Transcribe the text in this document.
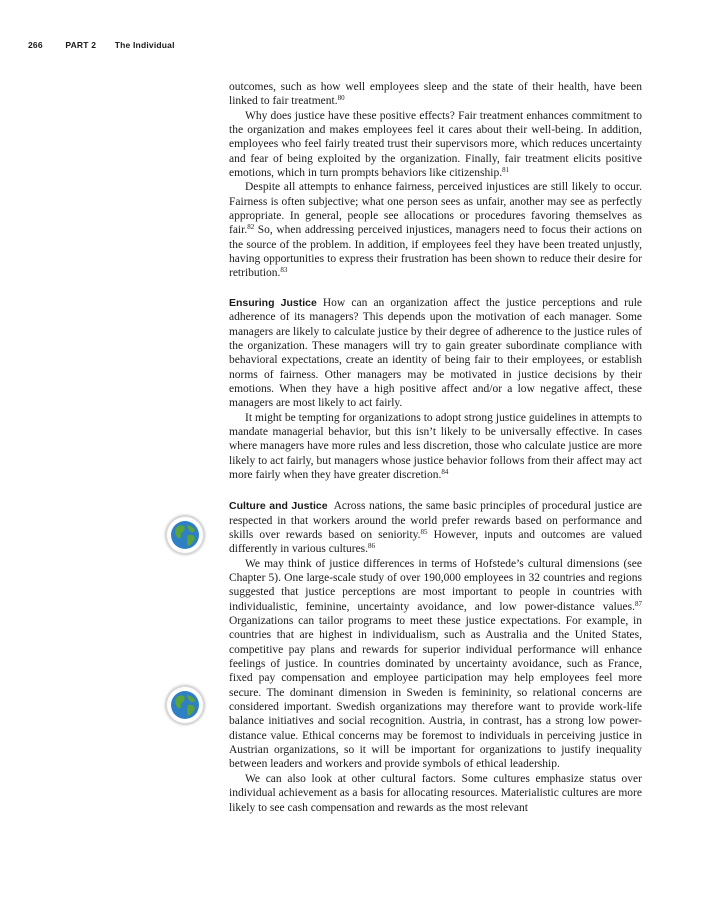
266	PART 2 The Individual

outcomes, such as how well employees sleep and the state of their health, have been linked to fair treatment.$^{80}$

Why does justice have these positive effects? Fair treatment enhances commitment to the organization and makes employees feel it cares about their well-being. In addition, employees who feel fairly treated trust their supervisors more, which reduces uncertainty and fear of being exploited by the organization. Finally, fair treatment elicits positive emotions, which in turn prompts behaviors like citizenship.$^{81}$

Despite all attempts to enhance fairness, perceived injustices are still likely to occur. Fairness is often subjective; what one person sees as unfair, another may see as perfectly appropriate. In general, people see allocations or procedures favoring themselves as fair.$^{82}$ So, when addressing perceived injustices, managers need to focus their actions on the source of the problem. In addition, if employees feel they have been treated unjustly, having opportunities to express their frustration has been shown to reduce their desire for retribution.$^{83}$

Ensuring Justice How can an organization affect the justice perceptions and rule adherence of its managers? This depends upon the motivation of each manager. Some managers are likely to calculate justice by their degree of adherence to the justice rules of the organization. These managers will try to gain greater subordinate compliance with behavioral expectations, create an identity of being fair to their employees, or establish norms of fairness. Other managers may be motivated in justice decisions by their emotions. When they have a high positive affect and/or a low negative affect, these managers are most likely to act fairly.

It might be tempting for organizations to adopt strong justice guidelines in attempts to mandate managerial behavior, but this isn’t likely to be universally effective. In cases where managers have more rules and less discretion, those who calculate justice are more likely to act fairly, but managers whose justice behavior follows from their affect may act more fairly when they have greater discretion.$^{84}$

Culture and Justice Across nations, the same basic principles of procedural justice are respected in that workers around the world prefer rewards based on performance and skills over rewards based on seniority.$^{85}$ However, inputs and outcomes are valued differently in various cultures.$^{86}$

We may think of justice differences in terms of Hofstede’s cultural dimensions (see Chapter 5). One large-scale study of over 190,000 employees in 32 countries and regions suggested that justice perceptions are most important to people in countries with individualistic, feminine, uncertainty avoidance, and low power-distance values.$^{87}$ Organizations can tailor programs to meet these justice expectations. For example, in countries that are highest in individualism, such as Australia and the United States, competitive pay plans and rewards for superior individual performance will enhance feelings of justice. In countries dominated by uncertainty avoidance, such as France, fixed pay compensation and employee participation may help employees feel more secure. The dominant dimension in Sweden is femininity, so relational concerns are considered important. Swedish organizations may therefore want to provide work-life balance initiatives and social recognition. Austria, in contrast, has a strong low power-distance value. Ethical concerns may be foremost to individuals in perceiving justice in Austrian organizations, so it will be important for organizations to justify inequality between leaders and workers and provide symbols of ethical leadership.

We can also look at other cultural factors. Some cultures emphasize status over individual achievement as a basis for allocating resources. Materialistic cultures are more likely to see cash compensation and rewards as the most relevant
